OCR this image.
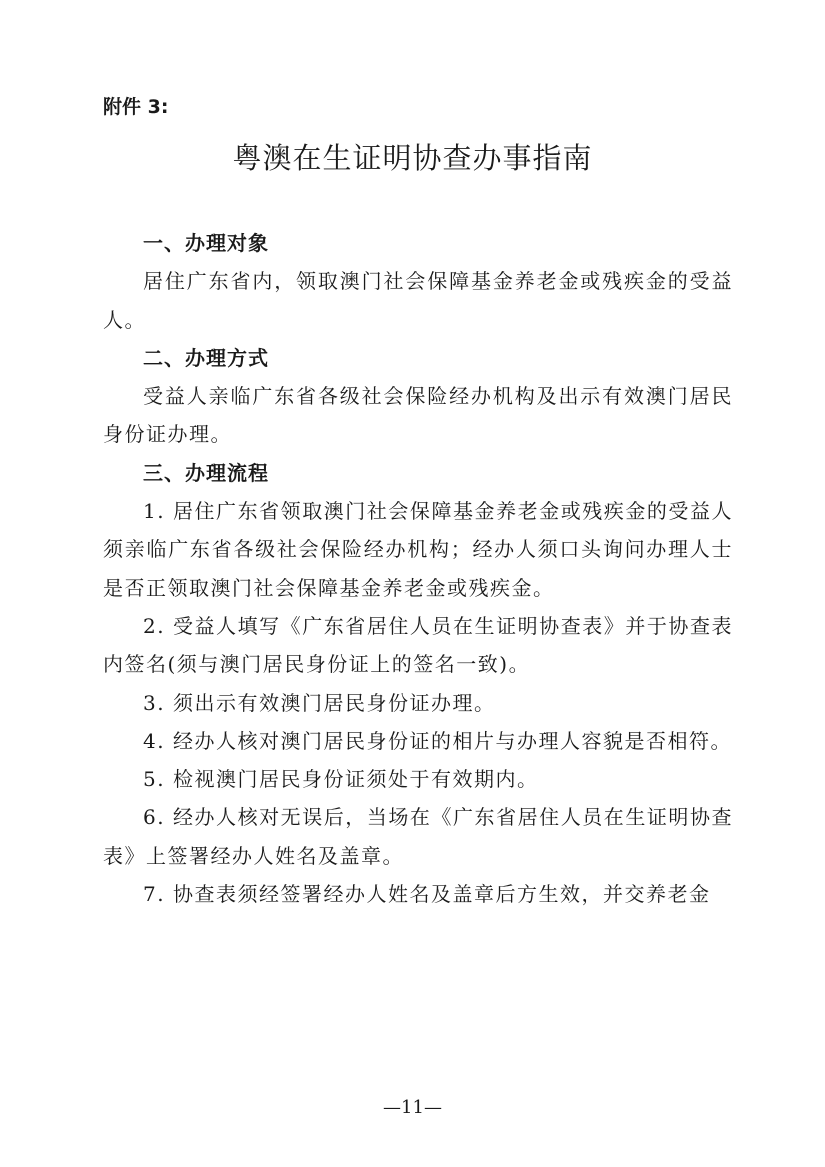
附件 3:
粤澳在生证明协查办事指南

一、办理对象

居住广东省内，领取澳门社会保障基金养老金或残疾金的受益人。

二、办理方式

受益人亲临广东省各级社会保险经办机构及出示有效澳门居民身份证办理。

三、办理流程

1. 居住广东省领取澳门社会保障基金养老金或残疾金的受益人须亲临广东省各级社会保险经办机构；经办人须口头询问办理人士是否正领取澳门社会保障基金养老金或残疾金。

2. 受益人填写《广东省居住人员在生证明协查表》并于协查表内签名(须与澳门居民身份证上的签名一致)。

3. 须出示有效澳门居民身份证办理。

4. 经办人核对澳门居民身份证的相片与办理人容貌是否相符。

5. 检视澳门居民身份证须处于有效期内。

6. 经办人核对无误后，当场在《广东省居住人员在生证明协查表》上签署经办人姓名及盖章。

7. 协查表须经签署经办人姓名及盖章后方生效，并交养老金

—11—
